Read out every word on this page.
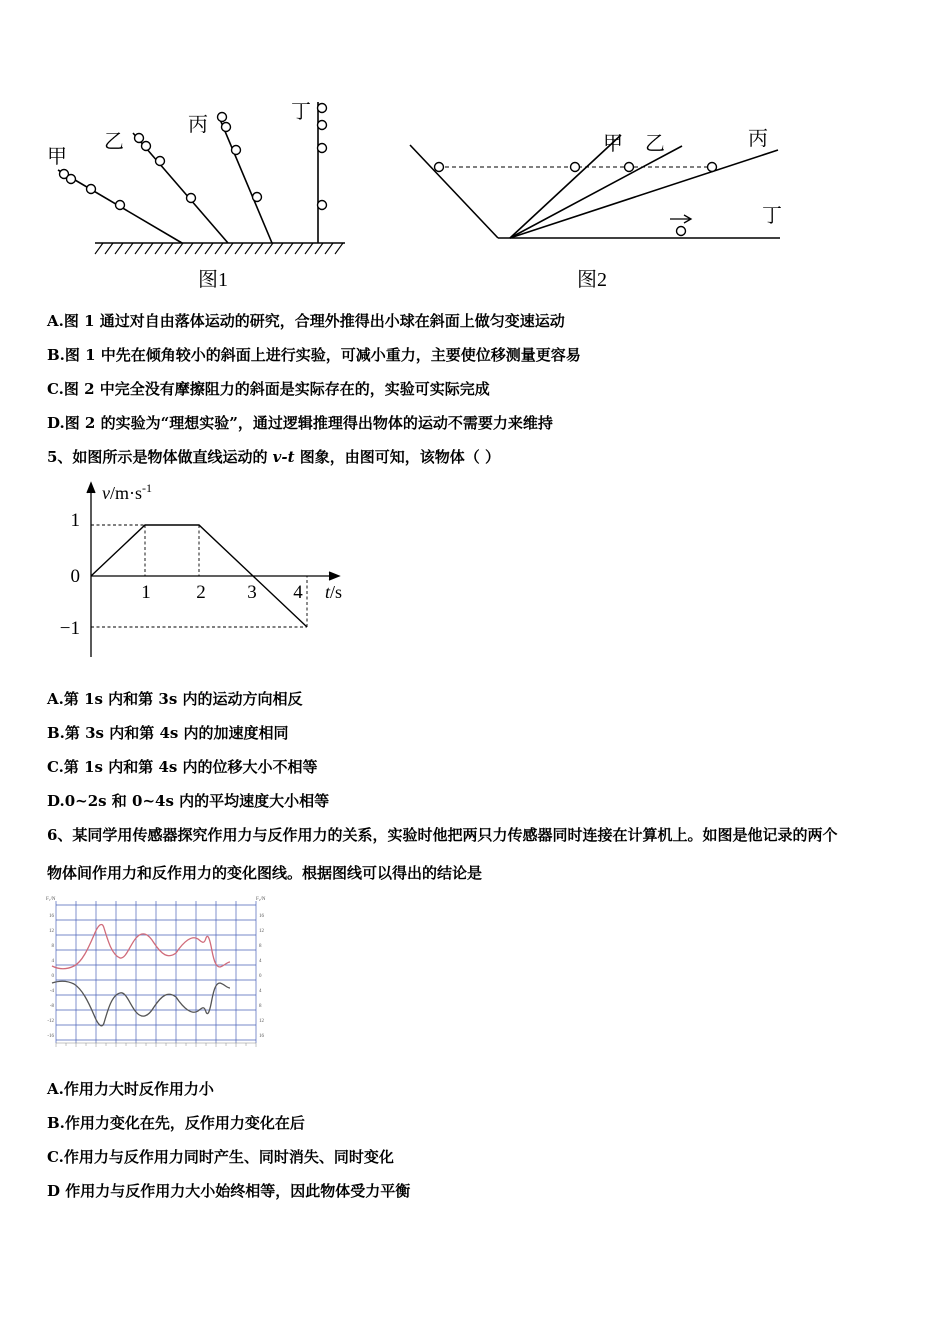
甲
乙
丙
丁
图1
甲 乙	丙
丁
图2
A.图 1 通过对自由落体运动的研究，合理外推得出小球在斜面上做匀变速运动
B.图 1 中先在倾角较小的斜面上进行实验，可减小重力，主要使位移测量更容易
C.图 2 中完全没有摩擦阻力的斜面是实际存在的，实验可实际完成
D.图 2 的实验为“理想实验”，通过逻辑推理得出物体的运动不需要力来维持
5、如图所示是物体做直线运动的 v-t 图象，由图可知，该物体（ ）
$v/m\cdot s^{-1}$
t/s
1
0
−1
1 2 3 4
A.第 1s 内和第 3s 内的运动方向相反
B.第 3s 内和第 4s 内的加速度相同
C.第 1s 内和第 4s 内的位移大小不相等
D.0~2s 和 0~4s 内的平均速度大小相等
6、某同学用传感器探究作用力与反作用力的关系，实验时他把两只力传感器同时连接在计算机上。如图是他记录的两个
物体间作用力和反作用力的变化图线。根据图线可以得出的结论是
F₁/N	F₂/N
16
12
8
4
0
-4
-8
-12
-16
16
12
8
4
0
4
8
12
16
A.作用力大时反作用力小
B.作用力变化在先，反作用力变化在后
C.作用力与反作用力同时产生、同时消失、同时变化
D 作用力与反作用力大小始终相等，因此物体受力平衡
